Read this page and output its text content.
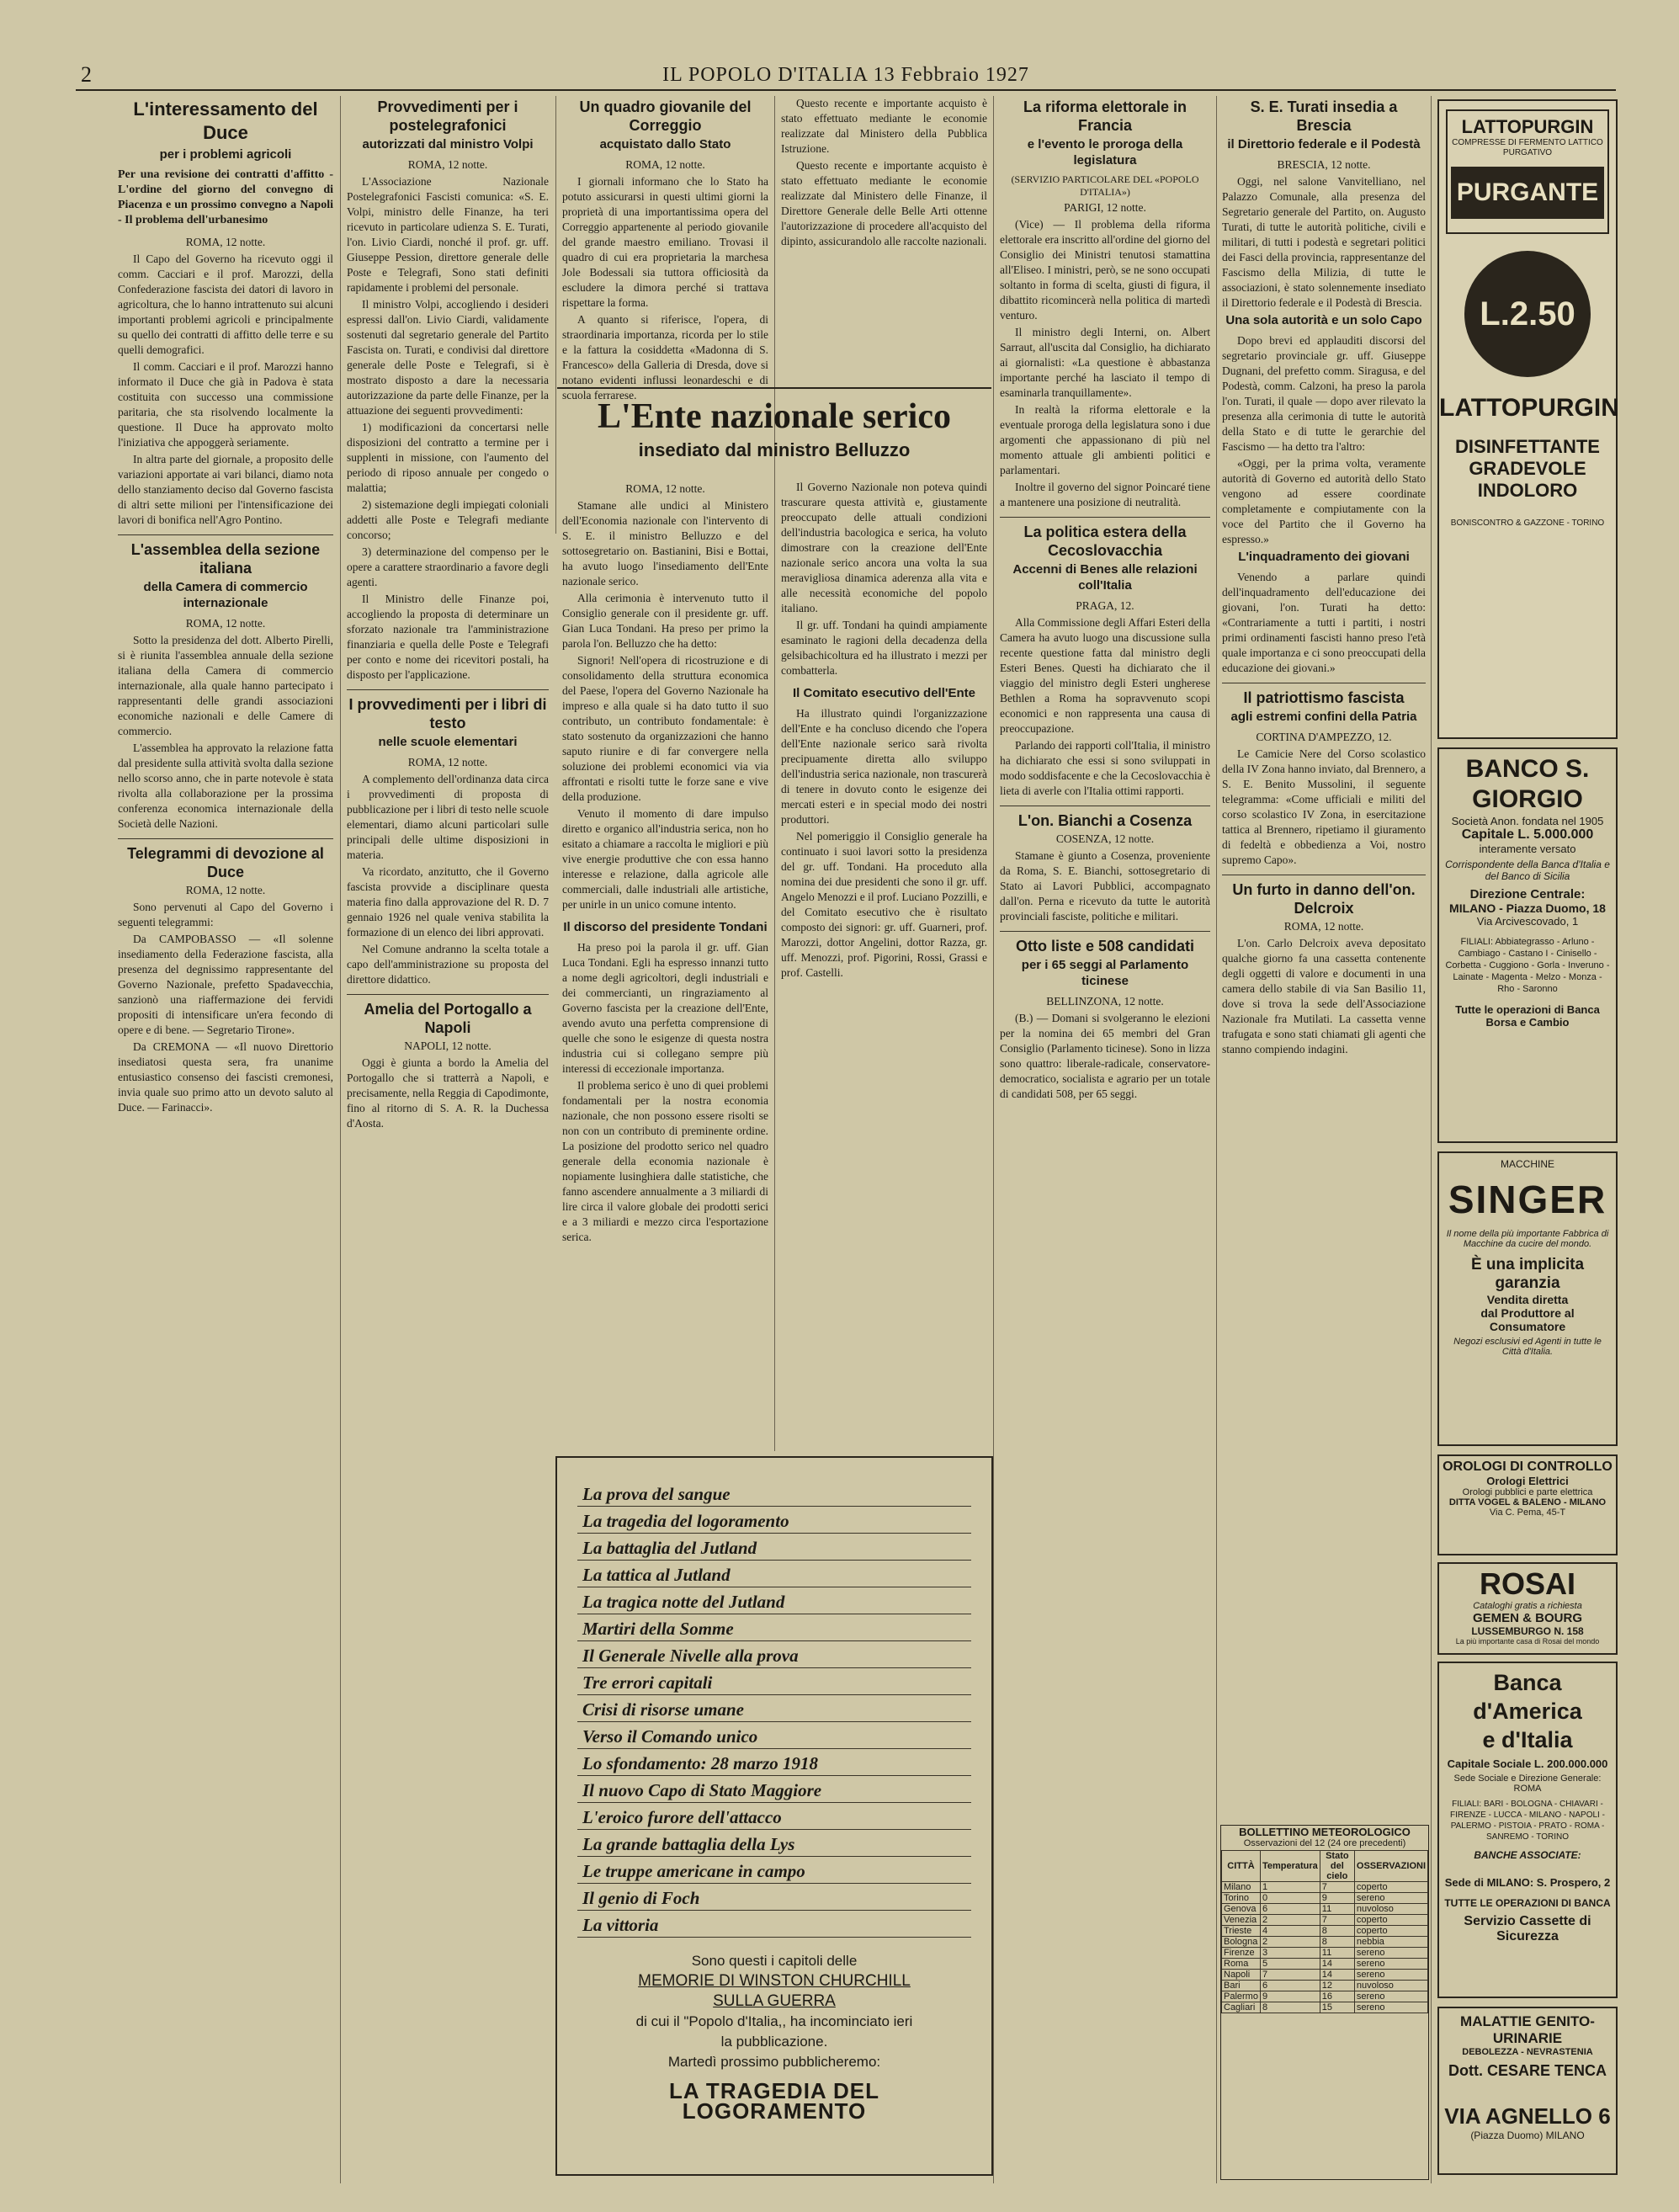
2	IL POPOLO D'ITALIA 13 Febbraio 1927
L'interessamento del Duce
per i problemi agricoli
Per una revisione dei contratti d'affitto - L'ordine del giorno del convegno di Piacenza e un prossimo convegno a Napoli - Il problema dell'urbanesimo
ROMA, 12 notte.

Il Capo del Governo ha ricevuto oggi il comm. Cacciari e il prof. Marozzi, della Confederazione fascista dei datori di lavoro in agricoltura, che lo hanno intrattenuto sui alcuni importanti problemi agricoli e principalmente su quello dei contratti di affitto delle terre e su quelli demografici.

Il comm. Cacciari e il prof. Marozzi hanno informato il Duce che già in Padova è stata costituita con successo una commissione paritaria, che sta risolvendo localmente la questione. Il Duce ha approvato molto l'iniziativa che appoggerà seriamente.

In altra parte del giornale, a proposito delle variazioni apportate ai vari bilanci, diamo nota dello stanziamento deciso dal Governo fascista di altri sette milioni per l'intensificazione dei lavori di bonifica nell'Agro Pontino.

L'assemblea della sezione italiana
della Camera di commercio internazionale
ROMA, 12 notte.

Sotto la presidenza del dott. Alberto Pirelli, si è riunita l'assemblea annuale della sezione italiana della Camera di commercio internazionale, alla quale hanno partecipato i rappresentanti delle grandi associazioni economiche nazionali e delle Camere di commercio.

L'assemblea ha approvato la relazione fatta dal presidente sulla attività svolta dalla sezione nello scorso anno, che in parte notevole è stata rivolta alla collaborazione per la prossima conferenza economica internazionale della Società delle Nazioni.

Telegrammi di devozione al Duce
ROMA, 12 notte.

Sono pervenuti al Capo del Governo i seguenti telegrammi:

Da CAMPOBASSO — «Il solenne insediamento della Federazione fascista, alla presenza del degnissimo rappresentante del Governo Nazionale, prefetto Spadavecchia, sanzionò una riaffermazione dei fervidi propositi di intensificare un'era fecondo di opere e di bene. — Segretario Tirone».

Da CREMONA — «Il nuovo Direttorio insediatosi questa sera, fra unanime entusiastico consenso dei fascisti cremonesi, invia quale suo primo atto un devoto saluto al Duce. — Farinacci».

Provvedimenti per i postelegrafonici
autorizzati dal ministro Volpi
ROMA, 12 notte.

L'Associazione Nazionale Postelegrafonici Fascisti comunica: «S. E. Volpi, ministro delle Finanze, ha teri ricevuto in particolare udienza S. E. Turati, l'on. Livio Ciardi, nonché il prof. gr. uff. Giuseppe Pession, direttore generale delle Poste e Telegrafi, Sono stati definiti rapidamente i problemi del personale.

Il ministro Volpi, accogliendo i desideri espressi dall'on. Livio Ciardi, validamente sostenuti dal segretario generale del Partito Fascista on. Turati, e condivisi dal direttore generale delle Poste e Telegrafi, si è mostrato disposto a dare la necessaria autorizzazione da parte delle Finanze, per la attuazione dei seguenti provvedimenti:

1) modificazioni da concertarsi nelle disposizioni del contratto a termine per i supplenti in missione, con l'aumento del periodo di riposo annuale per congedo o malattia;

2) sistemazione degli impiegati coloniali addetti alle Poste e Telegrafi mediante concorso;

3) determinazione del compenso per le opere a carattere straordinario a favore degli agenti.

Il Ministro delle Finanze poi, accogliendo la proposta di determinare un sforzato nazionale tra l'amministrazione finanziaria e quella delle Poste e Telegrafi per conto e nome dei ricevitori postali, ha disposto per l'applicazione.

I provvedimenti per i libri di testo
nelle scuole elementari
ROMA, 12 notte.

A complemento dell'ordinanza data circa i provvedimenti di proposta di pubblicazione per i libri di testo nelle scuole elementari, diamo alcuni particolari sulle principali delle ultime disposizioni in materia.

Va ricordato, anzitutto, che il Governo fascista provvide a disciplinare questa materia fino dalla approvazione del R. D. 7 gennaio 1926 nel quale veniva stabilita la formazione di un elenco dei libri approvati.

Nel Comune andranno la scelta totale a capo dell'amministrazione su proposta del direttore didattico.

Amelia del Portogallo a Napoli
NAPOLI, 12 notte.

Oggi è giunta a bordo la Amelia del Portogallo che si tratterrà a Napoli, e precisamente, nella Reggia di Capodimonte, fino al ritorno di S. A. R. la Duchessa d'Aosta.

Un quadro giovanile del Correggio
acquistato dallo Stato
ROMA, 12 notte.

I giornali informano che lo Stato ha potuto assicurarsi in questi ultimi giorni la proprietà di una importantissima opera del Correggio appartenente al periodo giovanile del grande maestro emiliano. Trovasi il quadro di cui era proprietaria la marchesa Jole Bodessali sia tuttora officiosità da escludere la dimora perché si trattava rispettare la forma.

A quanto si riferisce, l'opera, di straordinaria importanza, ricorda per lo stile e la fattura la cosiddetta «Madonna di S. Francesco» della Galleria di Dresda, dove si notano evidenti influssi leonardeschi e di scuola ferrarese.

Questo recente e importante acquisto è stato effettuato mediante le economie realizzate dal Ministero della Pubblica Istruzione.

Questo recente e importante acquisto è stato effettuato mediante le economie realizzate dal Ministero delle Finanze, il Direttore Generale delle Belle Arti ottenne l'autorizzazione di procedere all'acquisto del dipinto, assicurandolo alle raccolte nazionali.

L'Ente nazionale serico
insediato dal ministro Belluzzo
ROMA, 12 notte.

Stamane alle undici al Ministero dell'Economia nazionale con l'intervento di S. E. il ministro Belluzzo e del sottosegretario on. Bastianini, Bisi e Bottai, ha avuto luogo l'insediamento dell'Ente nazionale serico.

Alla cerimonia è intervenuto tutto il Consiglio generale con il presidente gr. uff. Gian Luca Tondani. Ha preso per primo la parola l'on. Belluzzo che ha detto:

Signori! Nell'opera di ricostruzione e di consolidamento della struttura economica del Paese, l'opera del Governo Nazionale ha impreso e alla quale si ha dato tutto il suo contributo, un contributo fondamentale: è stato sostenuto da organizzazioni che hanno saputo riunire e di far convergere nella soluzione dei problemi economici via via affrontati e risolti tutte le forze sane e vive della produzione.

Venuto il momento di dare impulso diretto e organico all'industria serica, non ho esitato a chiamare a raccolta le migliori e più vive energie produttive che con essa hanno interesse e relazione, dalla agricole alle commerciali, dalle industriali alle artistiche, per unirle in un unico comune intento.

Il discorso del presidente Tondani

Ha preso poi la parola il gr. uff. Gian Luca Tondani. Egli ha espresso innanzi tutto a nome degli agricoltori, degli industriali e dei commercianti, un ringraziamento al Governo fascista per la creazione dell'Ente, avendo avuto una perfetta comprensione di quelle che sono le esigenze di questa nostra industria cui si collegano sempre più interessi di eccezionale importanza.

Il problema serico è uno di quei problemi fondamentali per la nostra economia nazionale, che non possono essere risolti se non con un contributo di preminente ordine. La posizione del prodotto serico nel quadro generale della economia nazionale è nopiamente lusinghiera dalle statistiche, che fanno ascendere annualmente a 3 miliardi di lire circa il valore globale dei prodotti serici e a 3 miliardi e mezzo circa l'esportazione serica.

Il Governo Nazionale non poteva quindi trascurare questa attività e, giustamente preoccupato delle attuali condizioni dell'industria bacologica e serica, ha voluto dimostrare con la creazione dell'Ente nazionale serico ancora una volta la sua meravigliosa dinamica aderenza alla vita e alle necessità economiche del popolo italiano.

Il gr. uff. Tondani ha quindi ampiamente esaminato le ragioni della decadenza della gelsibachicoltura ed ha illustrato i mezzi per combatterla.

Il Comitato esecutivo dell'Ente

Ha illustrato quindi l'organizzazione dell'Ente e ha concluso dicendo che l'opera dell'Ente nazionale serico sarà rivolta precipuamente diretta allo sviluppo dell'industria serica nazionale, non trascurerà di tenere in dovuto conto le esigenze dei mercati esteri e in special modo dei nostri produttori.

Nel pomeriggio il Consiglio generale ha continuato i suoi lavori sotto la presidenza del gr. uff. Tondani. Ha proceduto alla nomina dei due presidenti che sono il gr. uff. Angelo Menozzi e il prof. Luciano Pozzilli, e del Comitato esecutivo che è risultato composto dei signori: gr. uff. Guarneri, prof. Marozzi, dottor Angelini, dottor Razza, gr. uff. Menozzi, prof. Pigorini, Rossi, Grassi e prof. Castelli.

La prova del sangue
La tragedia del logoramento
La battaglia del Jutland
La tattica al Jutland
La tragica notte del Jutland
Martiri della Somme
Il Generale Nivelle alla prova
Tre errori capitali
Crisi di risorse umane
Verso il Comando unico
Lo sfondamento: 28 marzo 1918
Il nuovo Capo di Stato Maggiore
L'eroico furore dell'attacco
La grande battaglia della Lys
Le truppe americane in campo
Il genio di Foch
La vittoria
Sono questi i capitoli delle
MEMORIE DI WINSTON CHURCHILL
SULLA GUERRA
di cui il "Popolo d'Italia,, ha incominciato ieri
la pubblicazione.
Martedì prossimo pubblicheremo:
LA TRAGEDIA DEL LOGORAMENTO
La riforma elettorale in Francia
e l'evento le proroga della legislatura
(SERVIZIO PARTICOLARE DEL «POPOLO D'ITALIA»)
PARIGI, 12 notte.

(Vice) — Il problema della riforma elettorale era inscritto all'ordine del giorno del Consiglio dei Ministri tenutosi stamattina all'Eliseo. I ministri, però, se ne sono occupati soltanto in forma di scelta, giusti di figura, il dibattito ricomincerà nella politica di martedì venturo.

Il ministro degli Interni, on. Albert Sarraut, all'uscita dal Consiglio, ha dichiarato ai giornalisti: «La questione è abbastanza importante perché ha lasciato il tempo di esaminarla tranquillamente».

In realtà la riforma elettorale e la eventuale proroga della legislatura sono i due argomenti che appassionano di più nel momento attuale gli ambienti politici e parlamentari.

Inoltre il governo del signor Poincaré tiene a mantenere una posizione di neutralità.

La politica estera della Cecoslovacchia
Accenni di Benes alle relazioni coll'Italia
PRAGA, 12.

Alla Commissione degli Affari Esteri della Camera ha avuto luogo una discussione sulla recente questione fatta dal ministro degli Esteri Benes. Questi ha dichiarato che il viaggio del ministro degli Esteri ungherese Bethlen a Roma ha sopravvenuto scopi economici e non rappresenta una causa di preoccupazione.

Parlando dei rapporti coll'Italia, il ministro ha dichiarato che essi si sono sviluppati in modo soddisfacente e che la Cecoslovacchia è lieta di averle con l'Italia ottimi rapporti.

L'on. Bianchi a Cosenza
COSENZA, 12 notte.

Stamane è giunto a Cosenza, proveniente da Roma, S. E. Bianchi, sottosegretario di Stato ai Lavori Pubblici, accompagnato dall'on. Perna e ricevuto da tutte le autorità provinciali fasciste, politiche e militari.

Otto liste e 508 candidati
per i 65 seggi al Parlamento ticinese
BELLINZONA, 12 notte.

(B.) — Domani si svolgeranno le elezioni per la nomina dei 65 membri del Gran Consiglio (Parlamento ticinese). Sono in lizza sono quattro: liberale-radicale, conservatore-democratico, socialista e agrario per un totale di candidati 508, per 65 seggi.

S. E. Turati insedia a Brescia
il Direttorio federale e il Podestà
BRESCIA, 12 notte.

Oggi, nel salone Vanvitelliano, nel Palazzo Comunale, alla presenza del Segretario generale del Partito, on. Augusto Turati, di tutte le autorità politiche, civili e militari, di tutti i podestà e segretari politici dei Fasci della provincia, rappresentanze del Fascismo della Milizia, di tutte le associazioni, è stato solennemente insediato il Direttorio federale e il Podestà di Brescia.

Una sola autorità e un solo Capo

Dopo brevi ed applauditi discorsi del segretario provinciale gr. uff. Giuseppe Dugnani, del prefetto comm. Siragusa, e del Podestà, comm. Calzoni, ha preso la parola l'on. Turati, il quale — dopo aver rilevato la presenza alla cerimonia di tutte le autorità della Stato e di tutte le gerarchie del Fascismo — ha detto tra l'altro:

«Oggi, per la prima volta, veramente autorità di Governo ed autorità dello Stato vengono ad essere coordinate completamente e compiutamente con la voce del Partito che il Governo ha espresso.»

L'inquadramento dei giovani

Venendo a parlare quindi dell'inquadramento dell'educazione dei giovani, l'on. Turati ha detto: «Contrariamente a tutti i partiti, i nostri primi ordinamenti fascisti hanno preso l'età quale importanza e ci sono preoccupati della educazione dei giovani.»

Il patriottismo fascista
agli estremi confini della Patria
CORTINA D'AMPEZZO, 12.

Le Camicie Nere del Corso scolastico della IV Zona hanno inviato, dal Brennero, a S. E. Benito Mussolini, il seguente telegramma: «Come ufficiali e militi del corso scolastico IV Zona, in esercitazione tattica al Brennero, ripetiamo il giuramento di fedeltà e obbedienza a Voi, nostro supremo Capo».

Un furto in danno dell'on. Delcroix
ROMA, 12 notte.

L'on. Carlo Delcroix aveva depositato qualche giorno fa una cassetta contenente degli oggetti di valore e documenti in una camera dello stabile di via San Basilio 11, dove si trova la sede dell'Associazione Nazionale fra Mutilati. La cassetta venne trafugata e sono stati chiamati gli agenti che stanno compiendo indagini.

BOLLETTINO METEOROLOGICO
Osservazioni del 12 (24 ore precedenti)
CITTÀ	Temperatura	Stato del cielo	OSSERVAZIONI
Milano	1	7	coperto
Torino	0	9	sereno
Genova	6	11	nuvoloso
Venezia	2	7	coperto
Trieste	4	8	coperto
Bologna	2	8	nebbia
Firenze	3	11	sereno
Roma	5	14	sereno
Napoli	7	14	sereno
Bari	6	12	nuvoloso
Palermo	9	16	sereno
Cagliari	8	15	sereno
LATTOPURGIN
COMPRESSE DI FERMENTO LATTICO PURGATIVO
PURGANTE
L.2.50
LATTOPURGIN
DISINFETTANTE
GRADEVOLE
INDOLORO
BONISCONTRO & GAZZONE - TORINO
BANCO S. GIORGIO
Società Anon. fondata nel 1905
Capitale L. 5.000.000
interamente versato
Corrispondente della Banca d'Italia e del Banco di Sicilia
Direzione Centrale:
MILANO - Piazza Duomo, 18
Via Arcivescovado, 1
FILIALI: Abbiategrasso - Arluno - Cambiago - Castano I - Cinisello - Corbetta - Cuggiono - Gorla - Inveruno - Lainate - Magenta - Melzo - Monza - Rho - Saronno
Tutte le operazioni di Banca Borsa e Cambio
MACCHINE
SINGER
Il nome della più importante Fabbrica di Macchine da cucire del mondo.
È una implicita garanzia
Vendita diretta
dal Produttore al Consumatore
Negozi esclusivi ed Agenti in tutte le Città d'Italia.
OROLOGI DI CONTROLLO
Orologi Elettrici
Orologi pubblici e parte elettrica
DITTA VOGEL & BALENO - MILANO
Via C. Pema, 45-T
ROSAI
Cataloghi gratis a richiesta
GEMEN & BOURG
LUSSEMBURGO N. 158
La più importante casa di Rosai del mondo
Banca d'America
e d'Italia
Capitale Sociale L. 200.000.000
Sede Sociale e Direzione Generale: ROMA
FILIALI: BARI - BOLOGNA - CHIAVARI - FIRENZE - LUCCA - MILANO - NAPOLI - PALERMO - PISTOIA - PRATO - ROMA - SANREMO - TORINO
BANCHE ASSOCIATE:
Sede di MILANO: S. Prospero, 2
TUTTE LE OPERAZIONI DI BANCA
Servizio Cassette di Sicurezza
MALATTIE GENITO-URINARIE
DEBOLEZZA - NEVRASTENIA
Dott. CESARE TENCA
VIA AGNELLO 6
(Piazza Duomo) MILANO
